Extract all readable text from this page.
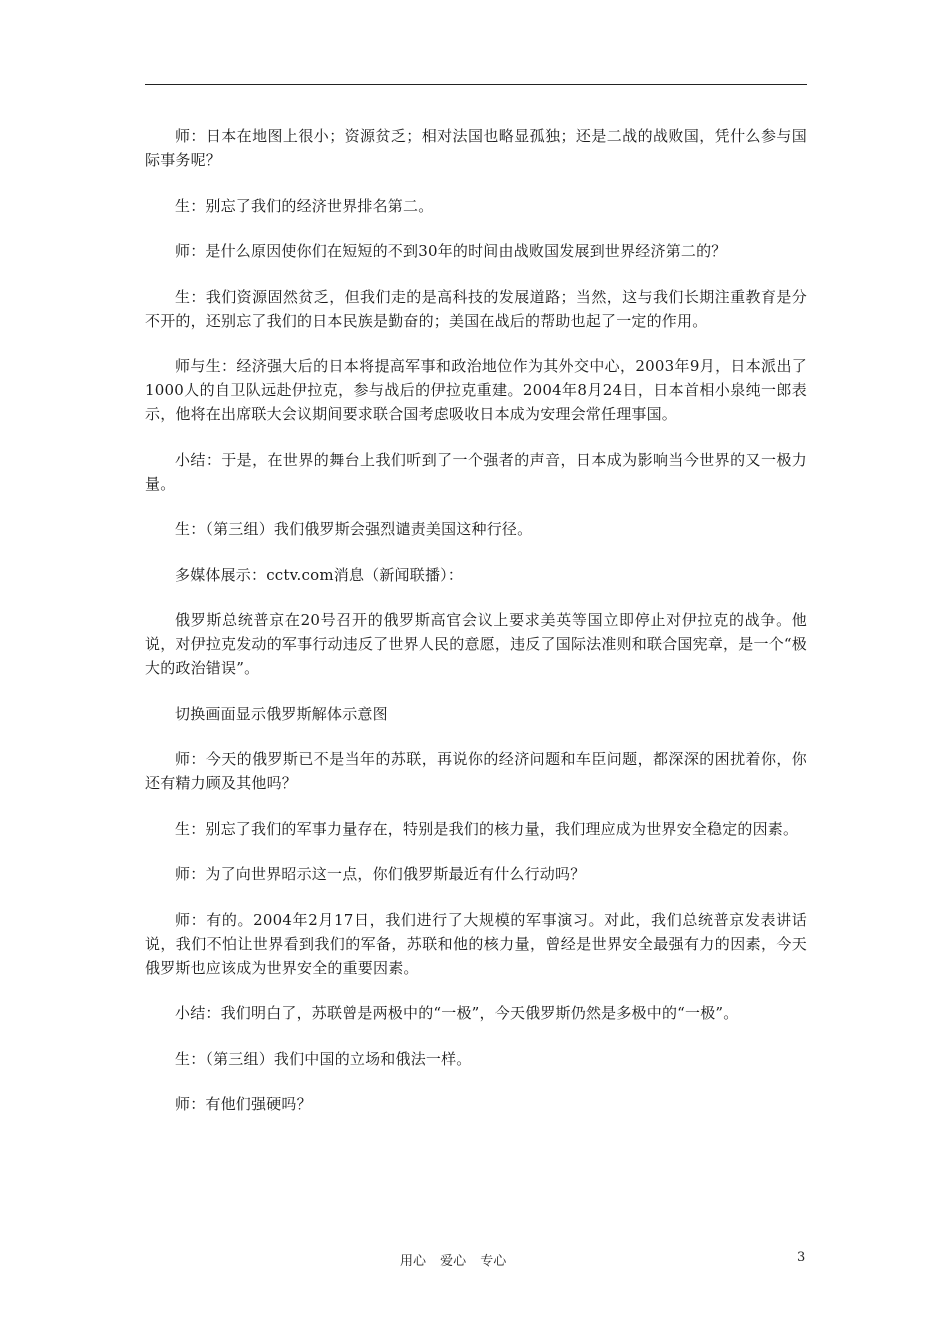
师：日本在地图上很小；资源贫乏；相对法国也略显孤独；还是二战的战败国，凭什么参与国际事务呢？

生：别忘了我们的经济世界排名第二。

师：是什么原因使你们在短短的不到30年的时间由战败国发展到世界经济第二的？

生：我们资源固然贫乏，但我们走的是高科技的发展道路；当然，这与我们长期注重教育是分不开的，还别忘了我们的日本民族是勤奋的；美国在战后的帮助也起了一定的作用。

师与生：经济强大后的日本将提高军事和政治地位作为其外交中心，2003年9月，日本派出了1000人的自卫队远赴伊拉克，参与战后的伊拉克重建。2004年8月24日，日本首相小泉纯一郎表示，他将在出席联大会议期间要求联合国考虑吸收日本成为安理会常任理事国。

小结：于是，在世界的舞台上我们听到了一个强者的声音，日本成为影响当今世界的又一极力量。

生：（第三组）我们俄罗斯会强烈谴责美国这种行径。

多媒体展示：cctv.com消息（新闻联播）：

俄罗斯总统普京在20号召开的俄罗斯高官会议上要求美英等国立即停止对伊拉克的战争。他说，对伊拉克发动的军事行动违反了世界人民的意愿，违反了国际法准则和联合国宪章，是一个“极大的政治错误”。

切换画面显示俄罗斯解体示意图

师：今天的俄罗斯已不是当年的苏联，再说你的经济问题和车臣问题，都深深的困扰着你，你还有精力顾及其他吗？

生：别忘了我们的军事力量存在，特别是我们的核力量，我们理应成为世界安全稳定的因素。

师：为了向世界昭示这一点，你们俄罗斯最近有什么行动吗？

师：有的。2004年2月17日，我们进行了大规模的军事演习。对此，我们总统普京发表讲话说，我们不怕让世界看到我们的军备，苏联和他的核力量，曾经是世界安全最强有力的因素，今天俄罗斯也应该成为世界安全的重要因素。

小结：我们明白了，苏联曾是两极中的“一极”，今天俄罗斯仍然是多极中的“一极”。

生：（第三组）我们中国的立场和俄法一样。

师：有他们强硬吗？

用心 爱心 专心	3
